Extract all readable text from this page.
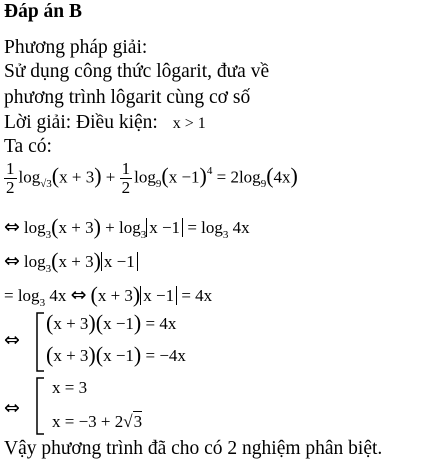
Đáp án B
Phương pháp giải:
Sử dụng công thức lôgarit, đưa về
phương trình lôgarit cùng cơ số
Lời giải: Điều kiện: x > 1
Ta có:
$\frac{1}{2} \log_{√3}(x + 3) + \frac{1}{2} \log_9(x -1)^4 = 2\log_9(4x)$
⇔ $\log_3(x + 3) + \log_3 x -1 = \log_3 4x$
⇔ $\log_3(x + 3)$ x −1
= $\log_3 4x$ ⇔ (x + 3) x −1 = 4x
⇔
(x + 3)(x −1) = 4x
(x + 3)(x −1) = −4x
⇔
x = 3
x = −3 + 2√3
Vậy phương trình đã cho có 2 nghiệm phân biệt.
